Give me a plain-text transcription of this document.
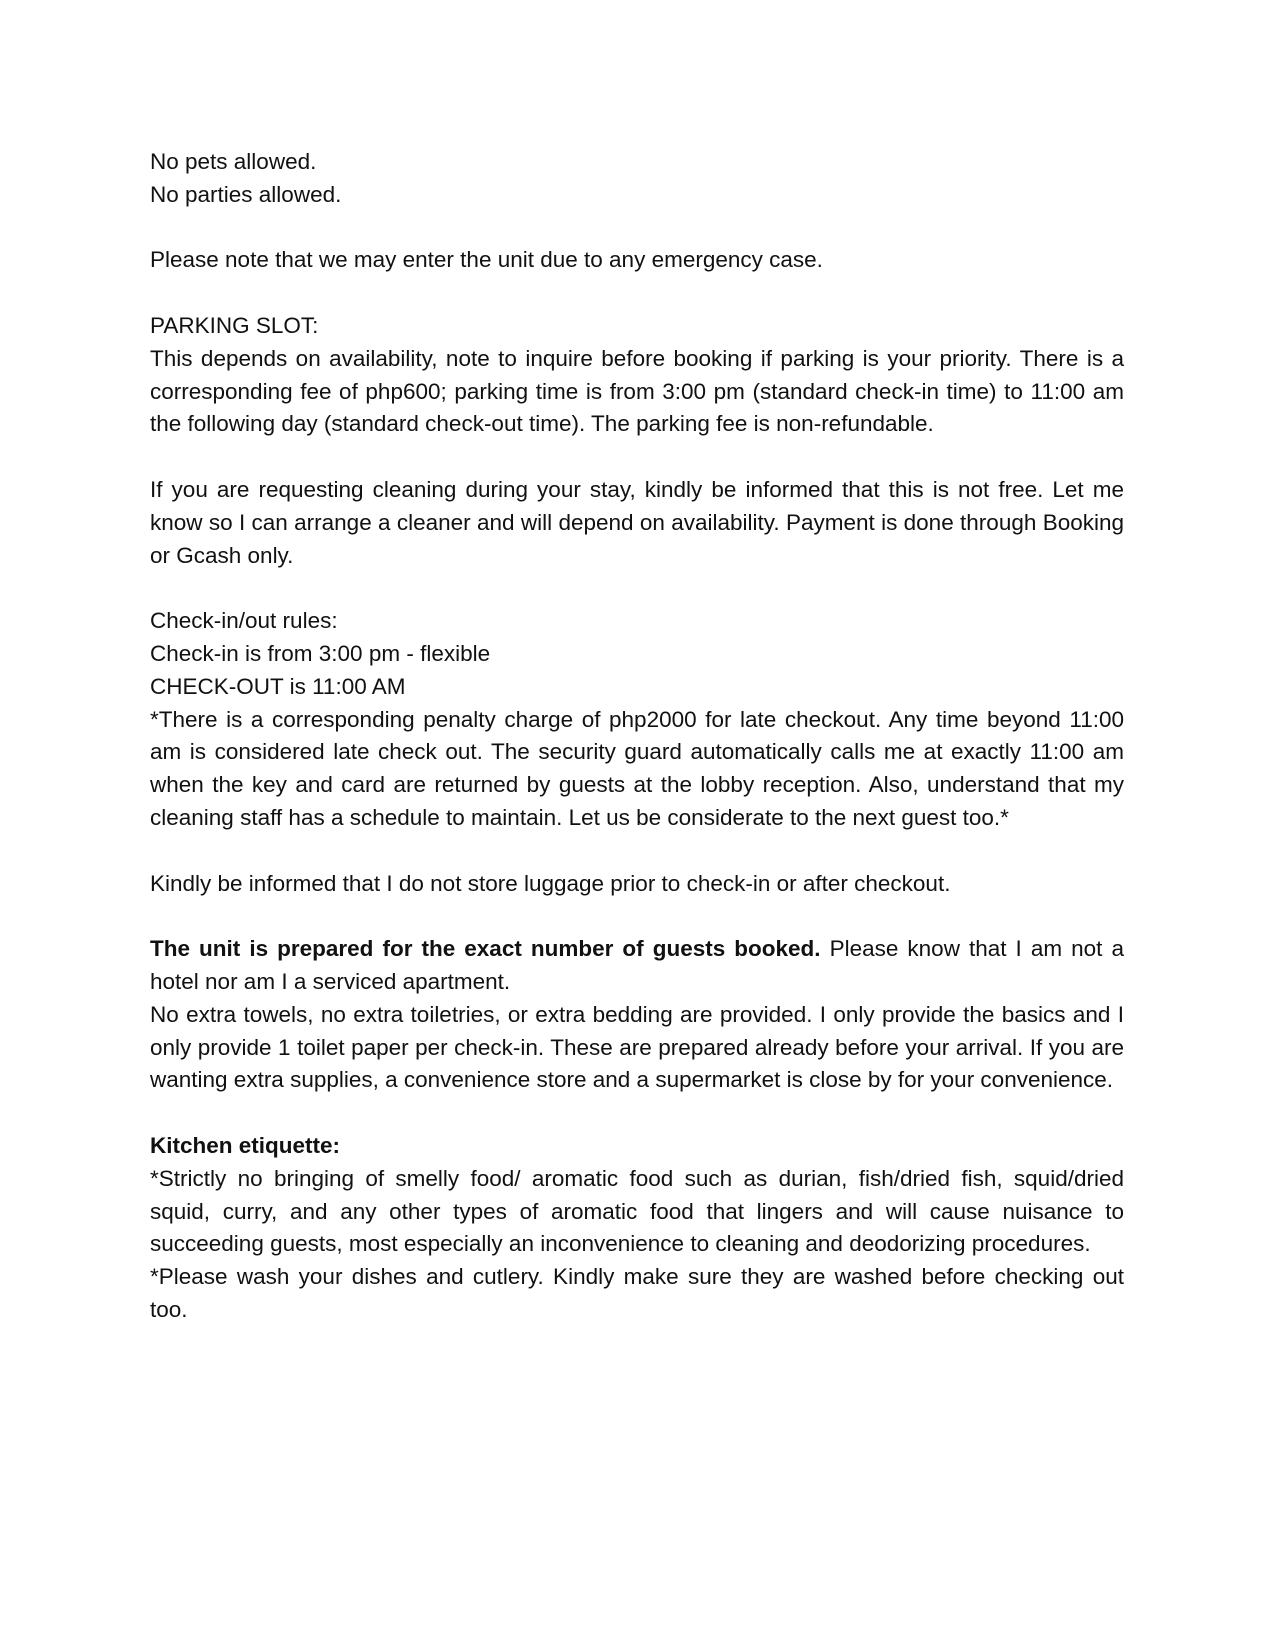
No pets allowed.

No parties allowed.

Please note that we may enter the unit due to any emergency case.

PARKING SLOT:

This depends on availability, note to inquire before booking if parking is your priority. There is a corresponding fee of php600; parking time is from 3:00 pm (standard check-in time) to 11:00 am the following day (standard check-out time). The parking fee is non-refundable.

If you are requesting cleaning during your stay, kindly be informed that this is not free. Let me know so I can arrange a cleaner and will depend on availability. Payment is done through Booking or Gcash only.

Check-in/out rules:

Check-in is from 3:00 pm - flexible

CHECK-OUT is 11:00 AM

*There is a corresponding penalty charge of php2000 for late checkout. Any time beyond 11:00 am is considered late check out. The security guard automatically calls me at exactly 11:00 am when the key and card are returned by guests at the lobby reception. Also, understand that my cleaning staff has a schedule to maintain. Let us be considerate to the next guest too.*

Kindly be informed that I do not store luggage prior to check-in or after checkout.

The unit is prepared for the exact number of guests booked. Please know that I am not a hotel nor am I a serviced apartment.

No extra towels, no extra toiletries, or extra bedding are provided. I only provide the basics and I only provide 1 toilet paper per check-in. These are prepared already before your arrival. If you are wanting extra supplies, a convenience store and a supermarket is close by for your convenience.

Kitchen etiquette:

*Strictly no bringing of smelly food/ aromatic food such as durian, fish/dried fish, squid/dried squid, curry, and any other types of aromatic food that lingers and will cause nuisance to succeeding guests, most especially an inconvenience to cleaning and deodorizing procedures.

*Please wash your dishes and cutlery. Kindly make sure they are washed before checking out too.
